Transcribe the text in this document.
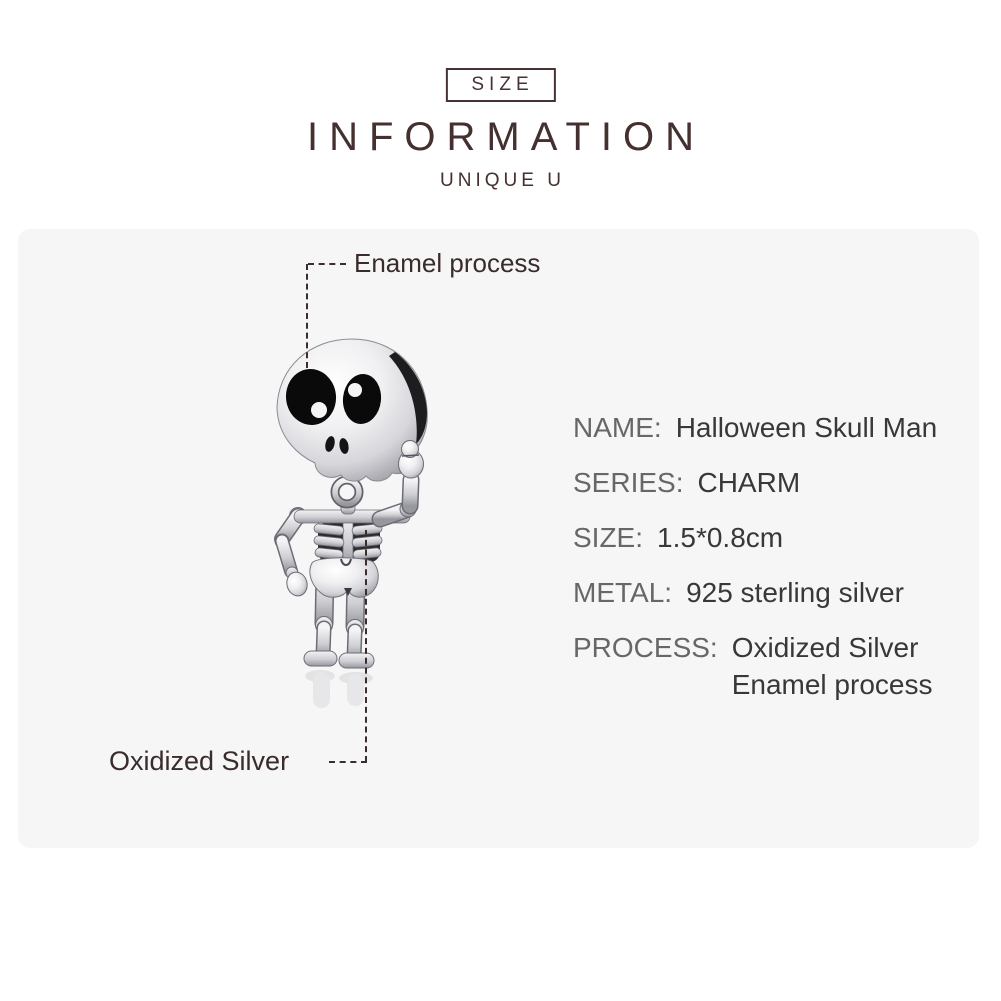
SIZE
INFORMATION
UNIQUE U
Enamel process
Oxidized Silver
NAME: Halloween Skull Man
SERIES: CHARM
SIZE: 1.5*0.8cm
METAL: 925 sterling silver
PROCESS: Oxidized Silver
Enamel process
